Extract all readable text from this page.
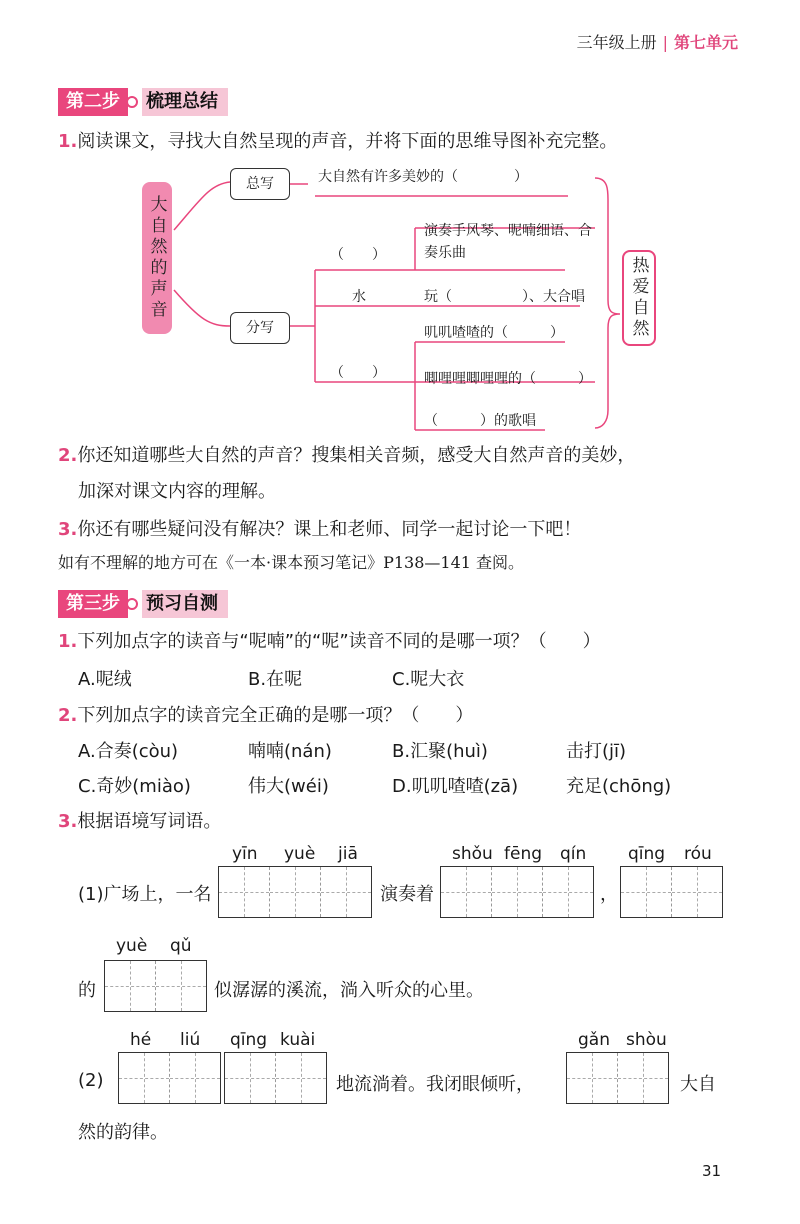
三年级上册 | 第七单元
第二步	梳理总结
1.阅读课文，寻找大自然呈现的声音，并将下面的思维导图补充完整。
大自然的声音
总写	大自然有许多美妙的（　　　　）
分写
（　　）
演奏手风琴、呢喃细语、合奏乐曲
水	玩（　　　　　）、大合唱
（　　）
叽叽喳喳的（　　　）
唧哩哩唧哩哩的（　　　）
（　　　）的歌唱
热爱自然
2.你还知道哪些大自然的声音？搜集相关音频，感受大自然声音的美妙，
加深对课文内容的理解。
3.你还有哪些疑问没有解决？课上和老师、同学一起讨论一下吧！
如有不理解的地方可在《一本·课本预习笔记》P138—141 查阅。
第三步	预习自测
1.下列加点字的读音与“呢喃”的“呢”读音不同的是哪一项？（　　）
A.呢绒	B.在呢	C.呢大衣
2.下列加点字的读音完全正确的是哪一项？（　　）
A.合奏(còu)	喃喃(nán)	B.汇聚(huì)	击打(jī)
C.奇妙(miào)	伟大(wéi)	D.叽叽喳喳(zā)	充足(chōng)
3.根据语境写词语。
yīn yuè jiā
(1)广场上，一名	演奏着
shǒu fēng qín
，
qīng róu
yuè qǔ
的	似潺潺的溪流，淌入听众的心里。
hé liú qīng kuài
(2)	地流淌着。我闭眼倾听，
gǎn shòu
大自
然的韵律。
31
